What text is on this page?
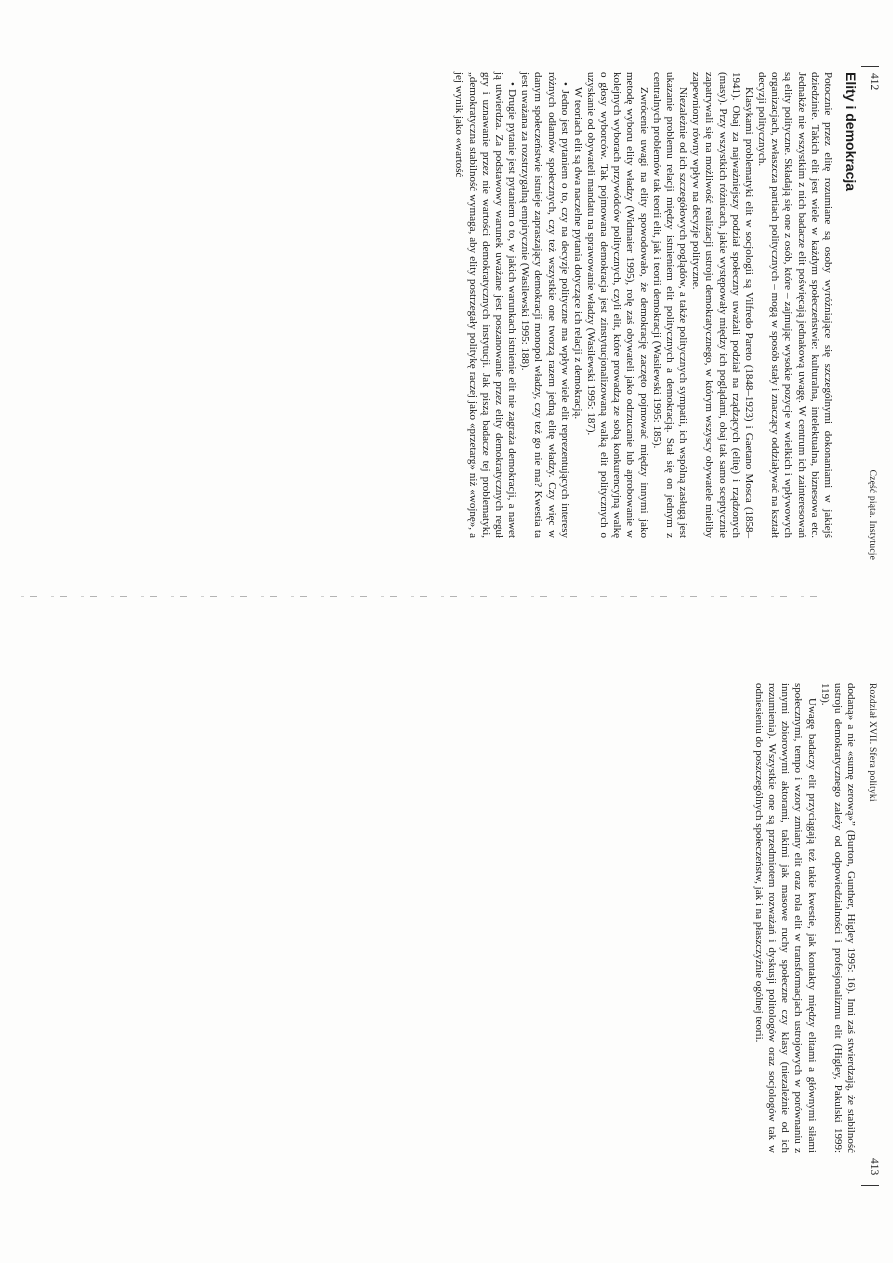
412
Część piąta. Instytucje
Elity i demokracja

Potocznie przez elitę rozumiane są osoby wyróżniające się szczególnymi dokonaniami w jakiejś dziedzinie. Takich elit jest wiele w każdym społeczeństwie: kulturalna, intelektualna, biznesowa etc. Jednakże nie wszystkim z nich badacze elit poświęcają jednakową uwagę. W centrum ich zainteresowań są elity polityczne. Składają się one z osób, które – zajmując wysokie pozycje w wielkich i wpływowych organizacjach, zwłaszcza partiach politycznych – mogą w sposób stały i znaczący oddziaływać na kształt decyzji politycznych.

Klasykami problematyki elit w socjologii są Vilfredo Pareto (1848–1923) i Gaetano Mosca (1858–1941). Obaj za najważniejszy podział społeczny uważali podział na rządzących (elitę) i rządzonych (masy). Przy wszystkich różnicach, jakie występowały między ich poglądami, obaj tak samo sceptycznie zapatrywali się na możliwość realizacji ustroju demokratycznego, w którym wszyscy obywatele mieliby zapewniony równy wpływ na decyzje polityczne.

Niezależnie od ich szczegółowych poglądów, a także politycznych sympatii, ich wspólną zasługą jest ukazanie problemu relacji między istnieniem elit politycznych a demokracją. Stał się on jednym z centralnych problemów tak teorii elit, jak i teorii demokracji (Wasilewski 1995: 185).

Zwrócenie uwagi na elity spowodowało, że demokrację zaczęto pojmować między innymi jako metodę wyboru elity władzy (Widmaier 1995), rolę zaś obywateli jako odrzucanie lub aprobowanie w kolejnych wyborach przywódców politycznych, czyli elit, które prowadzą ze sobą konkurencyjną walkę o głosy wyborców. Tak pojmowana demokracja jest zinstytucjonalizowaną walką elit politycznych o uzyskanie od obywateli mandatu na sprawowanie władzy (Wasilewski 1995: 187).

W teoriach elit są dwa naczelne pytania dotyczące ich relacji z demokracją.

• Jedno jest pytaniem o to, czy na decyzje polityczne ma wpływ wiele elit reprezentujących interesy różnych odłamów społecznych, czy też wszystkie one tworzą razem jedną elitę władzy. Czy więc w danym społeczeństwie istnieje zapraszający demokracji monopol władzy, czy też go nie ma? Kwestia ta jest uważana za rozstrzygalną empirycznie (Wasilewski 1995: 188).

• Drugie pytanie jest pytaniem o to, w jakich warunkach istnienie elit nie zagraża demokracji, a nawet ją utwierdza. Za podstawowy warunek uważane jest poszanowanie przez elity demokratycznych reguł gry i uznawanie przez nie wartości demokratycznych instytucji. Jak piszą badacze tej problematyki, „demokratyczna stabilność wymaga, aby elity postrzegały politykę raczej jako «przetarg» niż «wojnę», a jej wynik jako «wartość

Rozdział XVII. Sfera polityki
413

dodaną» a nie «sumę zerową»” (Burton, Gunther, Higley 1995: 16). Inni zaś stwierdzają, że stabilność ustroju demokratycznego zależy od odpowiedzialności i profesjonalizmu elit (Higley, Pakulski 1999: 119).

Uwagę badaczy elit przyciągają też takie kwestie, jak kontakty między elitami a głównymi siłami społecznymi, tempo i wzory zmiany elit oraz rola elit w transformacjach ustrojowych w porównaniu z innymi zbiorowymi aktorami, takimi jak masowe ruchy społeczne czy klasy (niezależnie od ich rozumienia). Wszystkie one są przedmiotem rozważań i dyskusji politologów oraz socjologów tak w odniesieniu do poszczególnych społeczeństw, jak i na płaszczyźnie ogólnej teorii.
